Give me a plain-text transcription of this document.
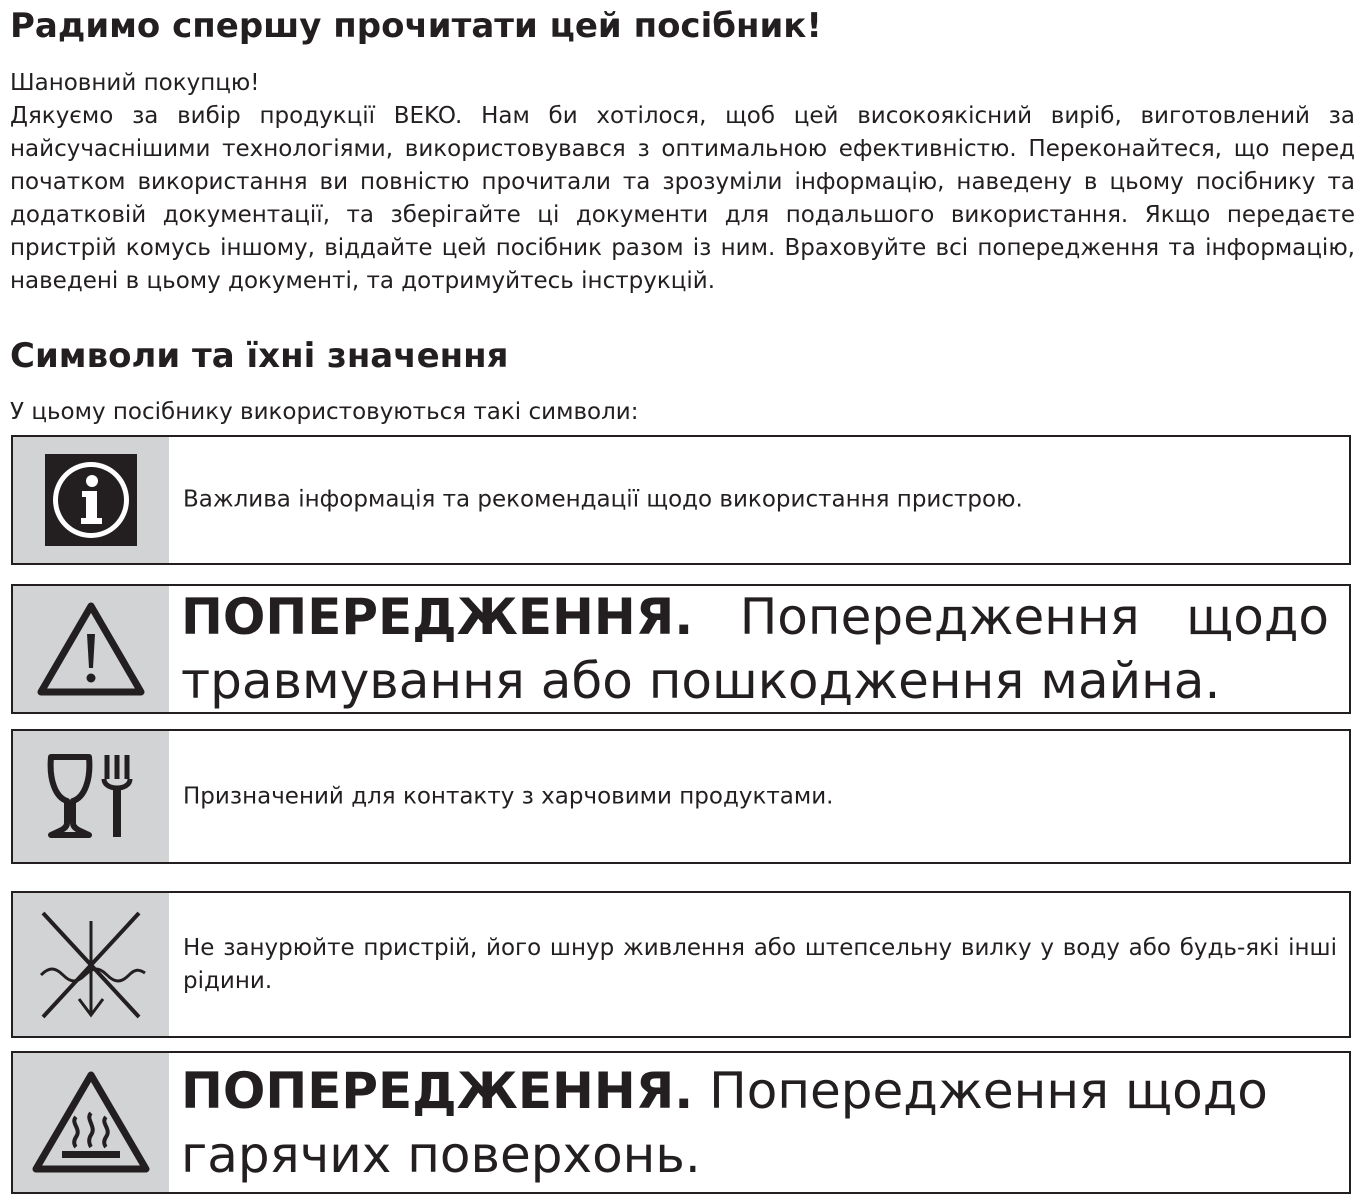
Радимо спершу прочитати цей посібник!

Шановний покупцю!

Дякуємо за вибір продукції BEKO. Нам би хотілося, щоб цей високоякісний виріб, виготовлений за найсучаснішими технологіями, використовувався з оптимальною ефективністю. Переконайтеся, що перед початком використання ви повністю прочитали та зрозуміли інформацію, наведену в цьому посібнику та додатковій документації, та зберігайте ці документи для подальшого використання. Якщо передаєте пристрій комусь іншому, віддайте цей посібник разом із ним. Враховуйте всі попередження та інформацію, наведені в цьому документі, та дотримуйтесь інструкцій.

Символи та їхні значення

У цьому посібнику використовуються такі символи:

Важлива інформація та рекомендації щодо використання пристрою.
ПОПЕРЕДЖЕННЯ. Попередження щодо травмування або пошкодження майна.
Призначений для контакту з харчовими продуктами.
Не занурюйте пристрій, його шнур живлення або штепсельну вилку у воду або будь-які інші рідини.
ПОПЕРЕДЖЕННЯ. Попередження щодо гарячих поверхонь.
